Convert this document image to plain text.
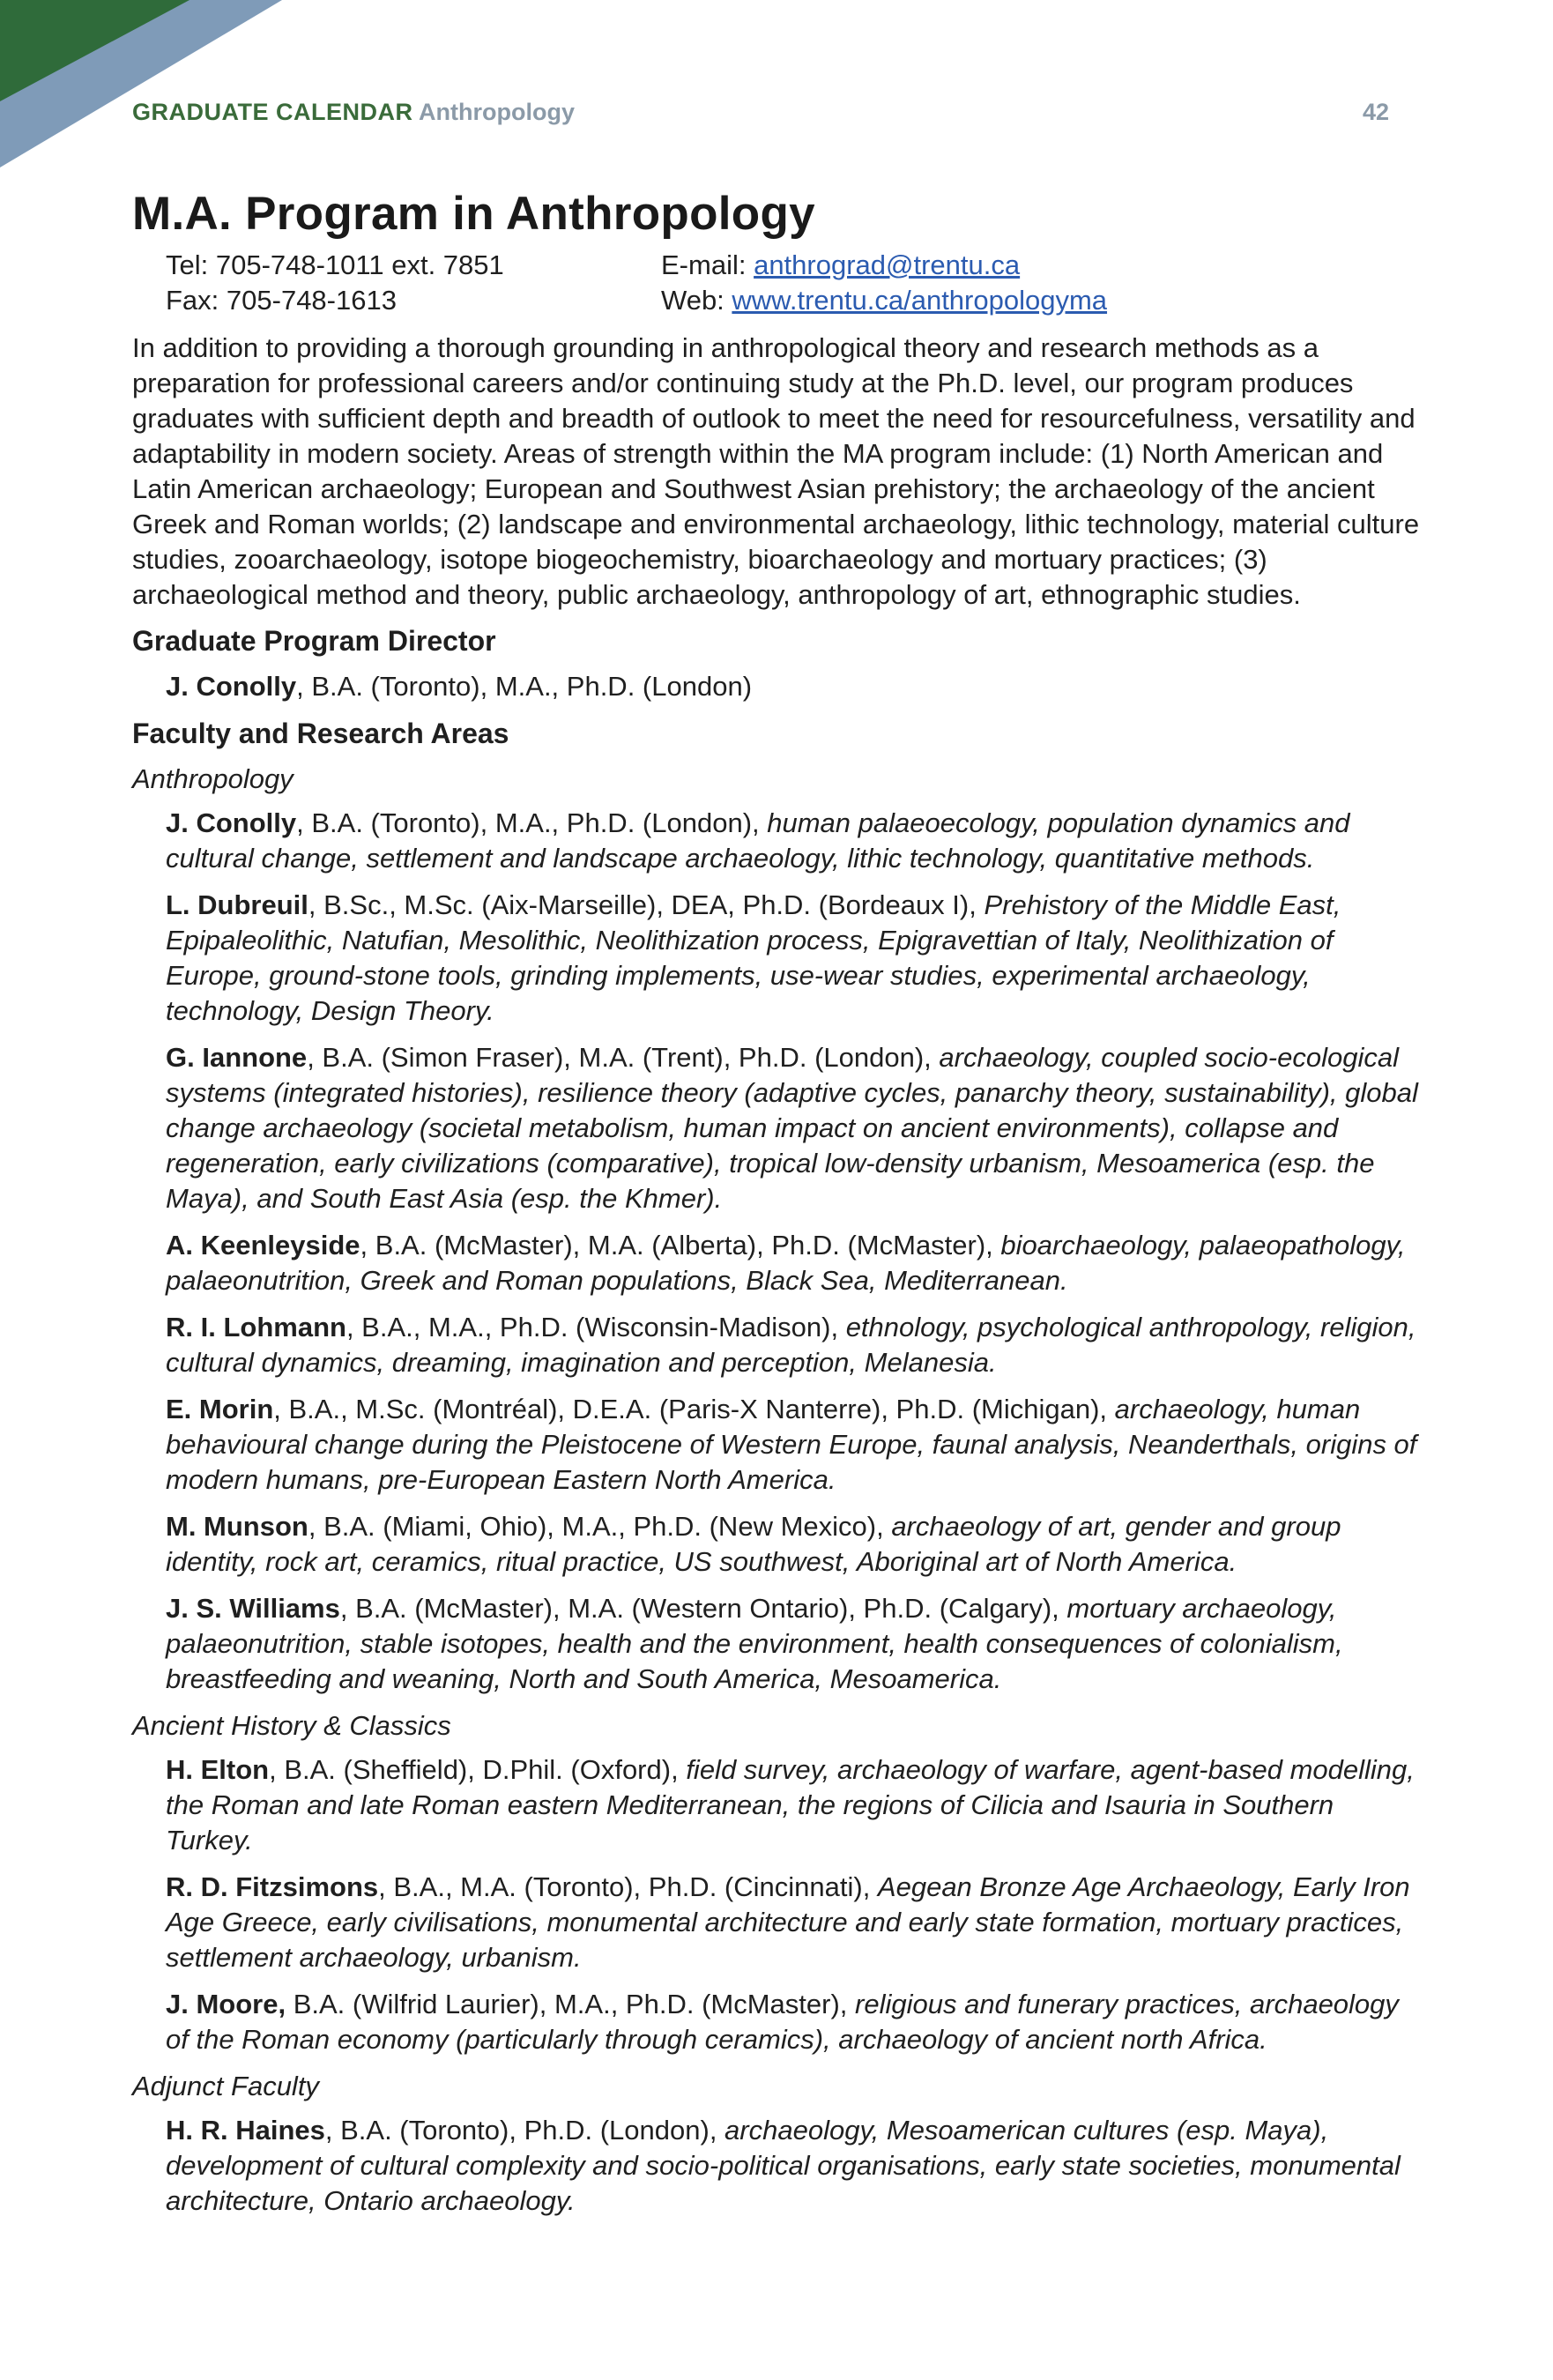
GRADUATE CALENDAR Anthropology	42
M.A. Program in Anthropology
Tel: 705-748-1011 ext. 7851
Fax: 705-748-1613
E-mail: anthrograd@trentu.ca
Web: www.trentu.ca/anthropologyma

In addition to providing a thorough grounding in anthropological theory and research methods as a preparation for professional careers and/or continuing study at the Ph.D. level, our program produces graduates with sufficient depth and breadth of outlook to meet the need for resourcefulness, versatility and adaptability in modern society. Areas of strength within the MA program include: (1) North American and Latin American archaeology; European and Southwest Asian prehistory; the archaeology of the ancient Greek and Roman worlds; (2) landscape and environmental archaeology, lithic technology, material culture studies, zooarchaeology, isotope biogeochemistry, bioarchaeology and mortuary practices; (3) archaeological method and theory, public archaeology, anthropology of art, ethnographic studies.

Graduate Program Director

J. Conolly, B.A. (Toronto), M.A., Ph.D. (London)

Faculty and Research Areas

Anthropology

J. Conolly, B.A. (Toronto), M.A., Ph.D. (London), human palaeoecology, population dynamics and cultural change, settlement and landscape archaeology, lithic technology, quantitative methods.

L. Dubreuil, B.Sc., M.Sc. (Aix-Marseille), DEA, Ph.D. (Bordeaux I), Prehistory of the Middle East, Epipaleolithic, Natufian, Mesolithic, Neolithization process, Epigravettian of Italy, Neolithization of Europe, ground-stone tools, grinding implements, use-wear studies, experimental archaeology, technology, Design Theory.

G. Iannone, B.A. (Simon Fraser), M.A. (Trent), Ph.D. (London), archaeology, coupled socio-ecological systems (integrated histories), resilience theory (adaptive cycles, panarchy theory, sustainability), global change archaeology (societal metabolism, human impact on ancient environments), collapse and regeneration, early civilizations (comparative), tropical low-density urbanism, Mesoamerica (esp. the Maya), and South East Asia (esp. the Khmer).

A. Keenleyside, B.A. (McMaster), M.A. (Alberta), Ph.D. (McMaster), bioarchaeology, palaeopathology, palaeonutrition, Greek and Roman populations, Black Sea, Mediterranean.

R. I. Lohmann, B.A., M.A., Ph.D. (Wisconsin-Madison), ethnology, psychological anthropology, religion, cultural dynamics, dreaming, imagination and perception, Melanesia.

E. Morin, B.A., M.Sc. (Montréal), D.E.A. (Paris-X Nanterre), Ph.D. (Michigan), archaeology, human behavioural change during the Pleistocene of Western Europe, faunal analysis, Neanderthals, origins of modern humans, pre-European Eastern North America.

M. Munson, B.A. (Miami, Ohio), M.A., Ph.D. (New Mexico), archaeology of art, gender and group identity, rock art, ceramics, ritual practice, US southwest, Aboriginal art of North America.

J. S. Williams, B.A. (McMaster), M.A. (Western Ontario), Ph.D. (Calgary), mortuary archaeology, palaeonutrition, stable isotopes, health and the environment, health consequences of colonialism, breastfeeding and weaning, North and South America, Mesoamerica.

Ancient History & Classics

H. Elton, B.A. (Sheffield), D.Phil. (Oxford), field survey, archaeology of warfare, agent-based modelling, the Roman and late Roman eastern Mediterranean, the regions of Cilicia and Isauria in Southern Turkey.

R. D. Fitzsimons, B.A., M.A. (Toronto), Ph.D. (Cincinnati), Aegean Bronze Age Archaeology, Early Iron Age Greece, early civilisations, monumental architecture and early state formation, mortuary practices, settlement archaeology, urbanism.

J. Moore, B.A. (Wilfrid Laurier), M.A., Ph.D. (McMaster), religious and funerary practices, archaeology of the Roman economy (particularly through ceramics), archaeology of ancient north Africa.

Adjunct Faculty

H. R. Haines, B.A. (Toronto), Ph.D. (London), archaeology, Mesoamerican cultures (esp. Maya), development of cultural complexity and socio-political organisations, early state societies, monumental architecture, Ontario archaeology.
